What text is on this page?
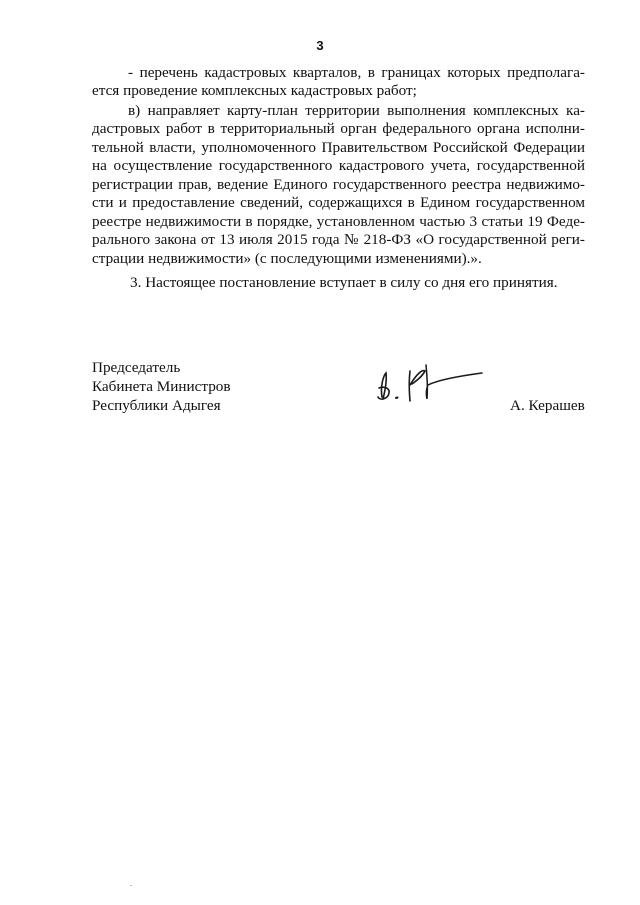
3
- перечень кадастровых кварталов, в границах которых предполага-
ется проведение комплексных кадастровых работ;
в) направляет карту-план территории выполнения комплексных ка-
дастровых работ в территориальный орган федерального органа исполни-
тельной власти, уполномоченного Правительством Российской Федерации
на осуществление государственного кадастрового учета, государственной
регистрации прав, ведение Единого государственного реестра недвижимо-
сти и предоставление сведений, содержащихся в Едином государственном
реестре недвижимости в порядке, установленном частью 3 статьи 19 Феде-
рального закона от 13 июля 2015 года № 218-ФЗ «О государственной реги-
страции недвижимости» (с последующими изменениями).».
3. Настоящее постановление вступает в силу со дня его принятия.
Председатель
Кабинета Министров
Республики Адыгея	А. Керашев
